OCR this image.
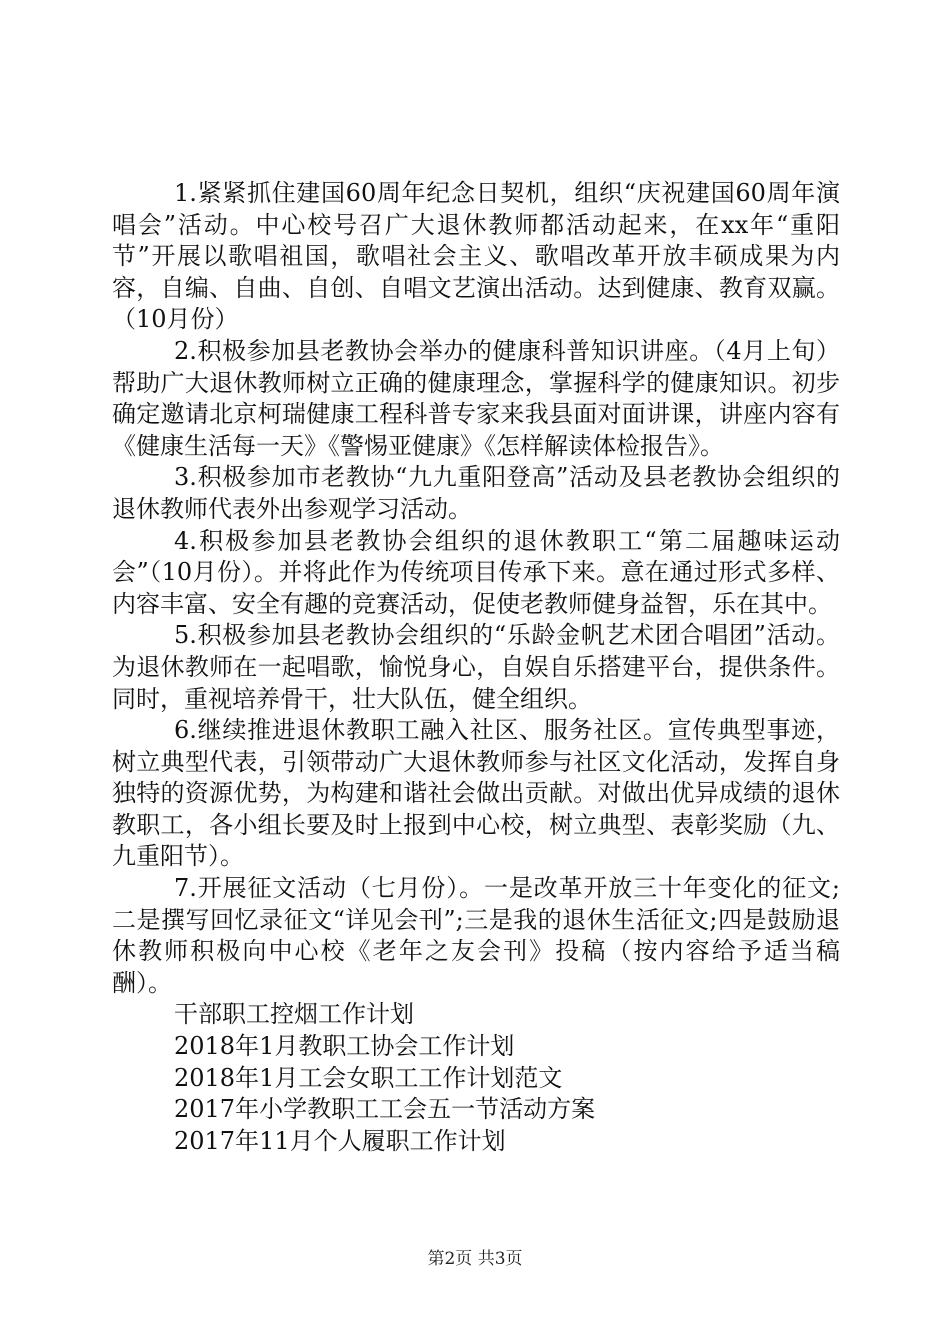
1.紧紧抓住建国60周年纪念日契机，组织“庆祝建国60周年演唱会”活动。中心校号召广大退休教师都活动起来，在xx年“重阳节”开展以歌唱祖国，歌唱社会主义、歌唱改革开放丰硕成果为内容，自编、自曲、自创、自唱文艺演出活动。达到健康、教育双赢。（10月份）

2.积极参加县老教协会举办的健康科普知识讲座。（4月上旬）帮助广大退休教师树立正确的健康理念，掌握科学的健康知识。初步确定邀请北京柯瑞健康工程科普专家来我县面对面讲课，讲座内容有《健康生活每一天》《警惕亚健康》《怎样解读体检报告》。

3.积极参加市老教协“九九重阳登高”活动及县老教协会组织的退休教师代表外出参观学习活动。

4.积极参加县老教协会组织的退休教职工“第二届趣味运动会”（10月份）。并将此作为传统项目传承下来。意在通过形式多样、内容丰富、安全有趣的竞赛活动，促使老教师健身益智，乐在其中。

5.积极参加县老教协会组织的“乐龄金帆艺术团合唱团”活动。为退休教师在一起唱歌，愉悦身心，自娱自乐搭建平台，提供条件。同时，重视培养骨干，壮大队伍，健全组织。

6.继续推进退休教职工融入社区、服务社区。宣传典型事迹，树立典型代表，引领带动广大退休教师参与社区文化活动，发挥自身独特的资源优势，为构建和谐社会做出贡献。对做出优异成绩的退休教职工，各小组长要及时上报到中心校，树立典型、表彰奖励（九、九重阳节）。

7.开展征文活动（七月份）。一是改革开放三十年变化的征文;二是撰写回忆录征文“详见会刊”;三是我的退休生活征文;四是鼓励退休教师积极向中心校《老年之友会刊》投稿（按内容给予适当稿酬）。

干部职工控烟工作计划
2018年1月教职工协会工作计划
2018年1月工会女职工工作计划范文
2017年小学教职工工会五一节活动方案
2017年11月个人履职工作计划
第2页 共3页
